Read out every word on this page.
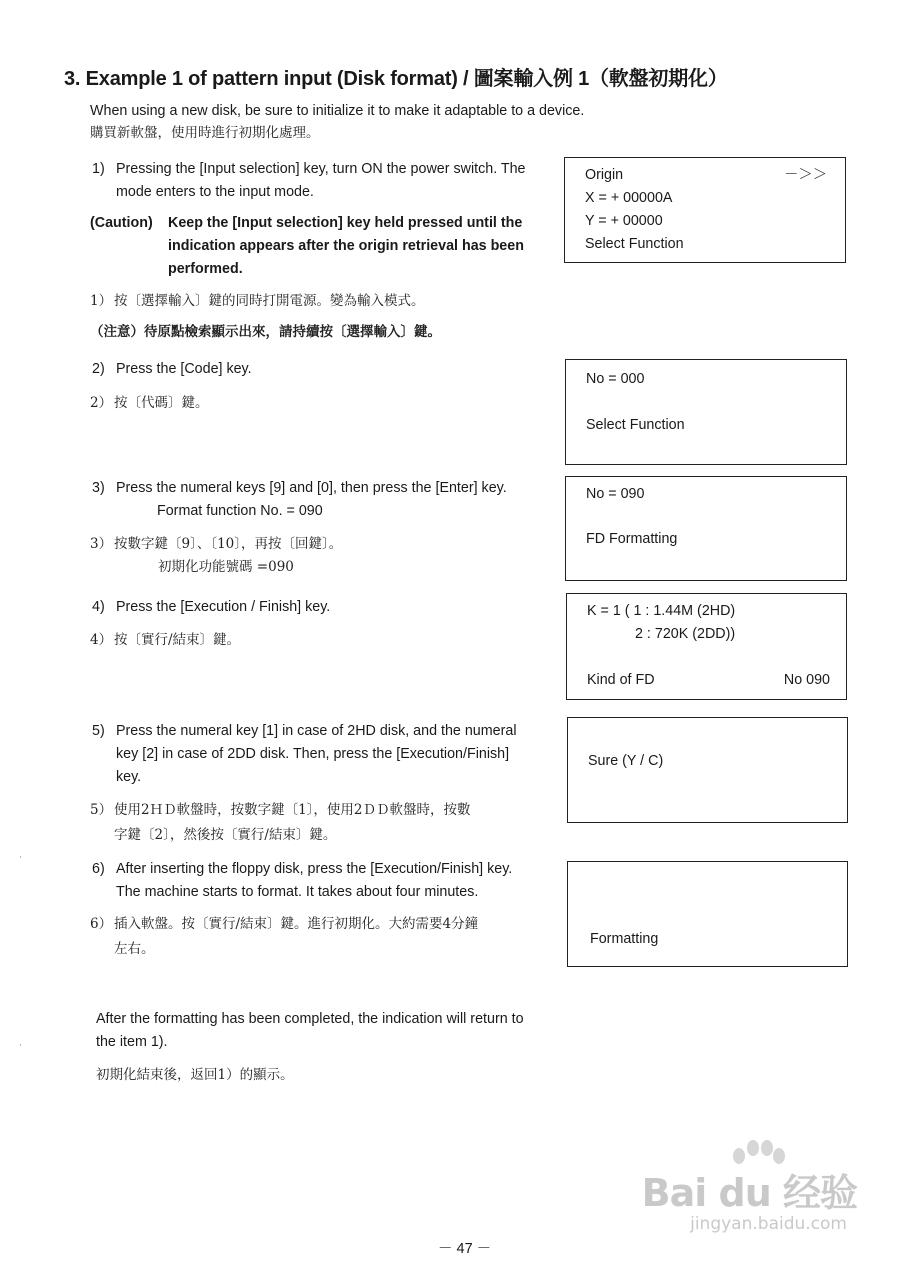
3. Example 1 of pattern input (Disk format) / 圖案輸入例 1（軟盤初期化）
When using a new disk, be sure to initialize it to make it adaptable to a device.
購買新軟盤，使用時進行初期化處理。
1) Pressing the [Input selection] key, turn ON the power switch. The
mode enters to the input mode.
(Caution)	Keep the [Input selection] key held pressed until the
indication appears after the origin retrieval has been
performed.
1） 按〔選擇輸入〕鍵的同時打開電源。變為輸入模式。
（注意）待原點檢索顯示出來，請持續按〔選擇輸入〕鍵。
Origin	－＞＞
X = + 00000A
Y = + 00000
Select Function
2) Press the [Code] key.
2） 按〔代碼〕鍵。
No = 000
Select Function
3) Press the numeral keys [9] and [0], then press the [Enter] key.
Format function No. = 090
3） 按數字鍵〔9〕、〔10〕，再按〔回鍵〕。
初期化功能號碼 =090
No = 090
FD Formatting
4) Press the [Execution / Finish] key.
4） 按〔實行/結束〕鍵。
K = 1 ( 1 : 1.44M (2HD)
2 : 720K (2DD))
Kind of FD	No 090
5) Press the numeral key [1] in case of 2HD disk, and the numeral
key [2] in case of 2DD disk. Then, press the [Execution/Finish]
key.
5） 使用2ＨＤ軟盤時，按數字鍵〔1〕，使用2ＤＤ軟盤時，按數
字鍵〔2〕，然後按〔實行/結束〕鍵。
Sure (Y / C)
6) After inserting the floppy disk, press the [Execution/Finish] key.
The machine starts to format. It takes about four minutes.
6） 插入軟盤。按〔實行/結束〕鍵。進行初期化。大約需要4分鐘
左右。
Formatting
After the formatting has been completed, the indication will return to
the item 1).
初期化結束後，返回1）的顯示。
Bai du 经验
jingyan.baidu.com
－ 47 －
